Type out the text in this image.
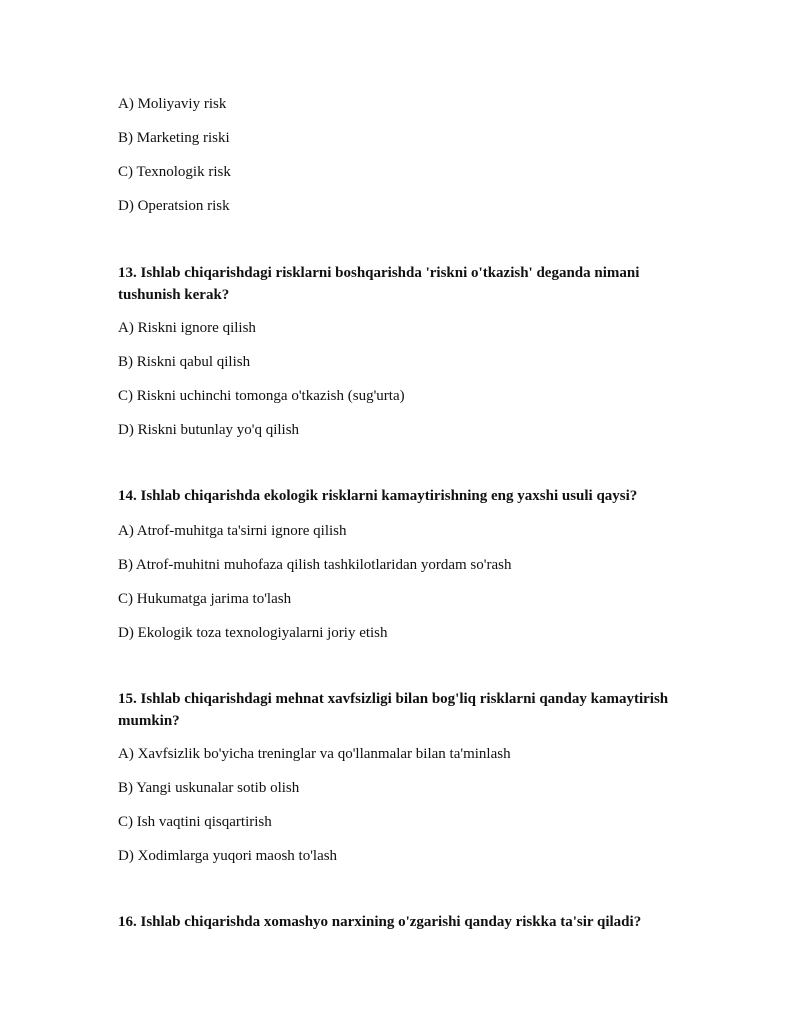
A) Moliyaviy risk
B) Marketing riski
C) Texnologik risk
D) Operatsion risk
13. Ishlab chiqarishdagi risklarni boshqarishda 'riskni o'tkazish' deganda nimani tushunish kerak?
A) Riskni ignore qilish
B) Riskni qabul qilish
C) Riskni uchinchi tomonga o'tkazish (sug'urta)
D) Riskni butunlay yo'q qilish
14. Ishlab chiqarishda ekologik risklarni kamaytirishning eng yaxshi usuli qaysi?
A) Atrof-muhitga ta'sirni ignore qilish
B) Atrof-muhitni muhofaza qilish tashkilotlaridan yordam so'rash
C) Hukumatga jarima to'lash
D) Ekologik toza texnologiyalarni joriy etish
15. Ishlab chiqarishdagi mehnat xavfsizligi bilan bog'liq risklarni qanday kamaytirish mumkin?
A) Xavfsizlik bo'yicha treninglar va qo'llanmalar bilan ta'minlash
B) Yangi uskunalar sotib olish
C) Ish vaqtini qisqartirish
D) Xodimlarga yuqori maosh to'lash
16. Ishlab chiqarishda xomashyo narxining o'zgarishi qanday riskka ta'sir qiladi?
